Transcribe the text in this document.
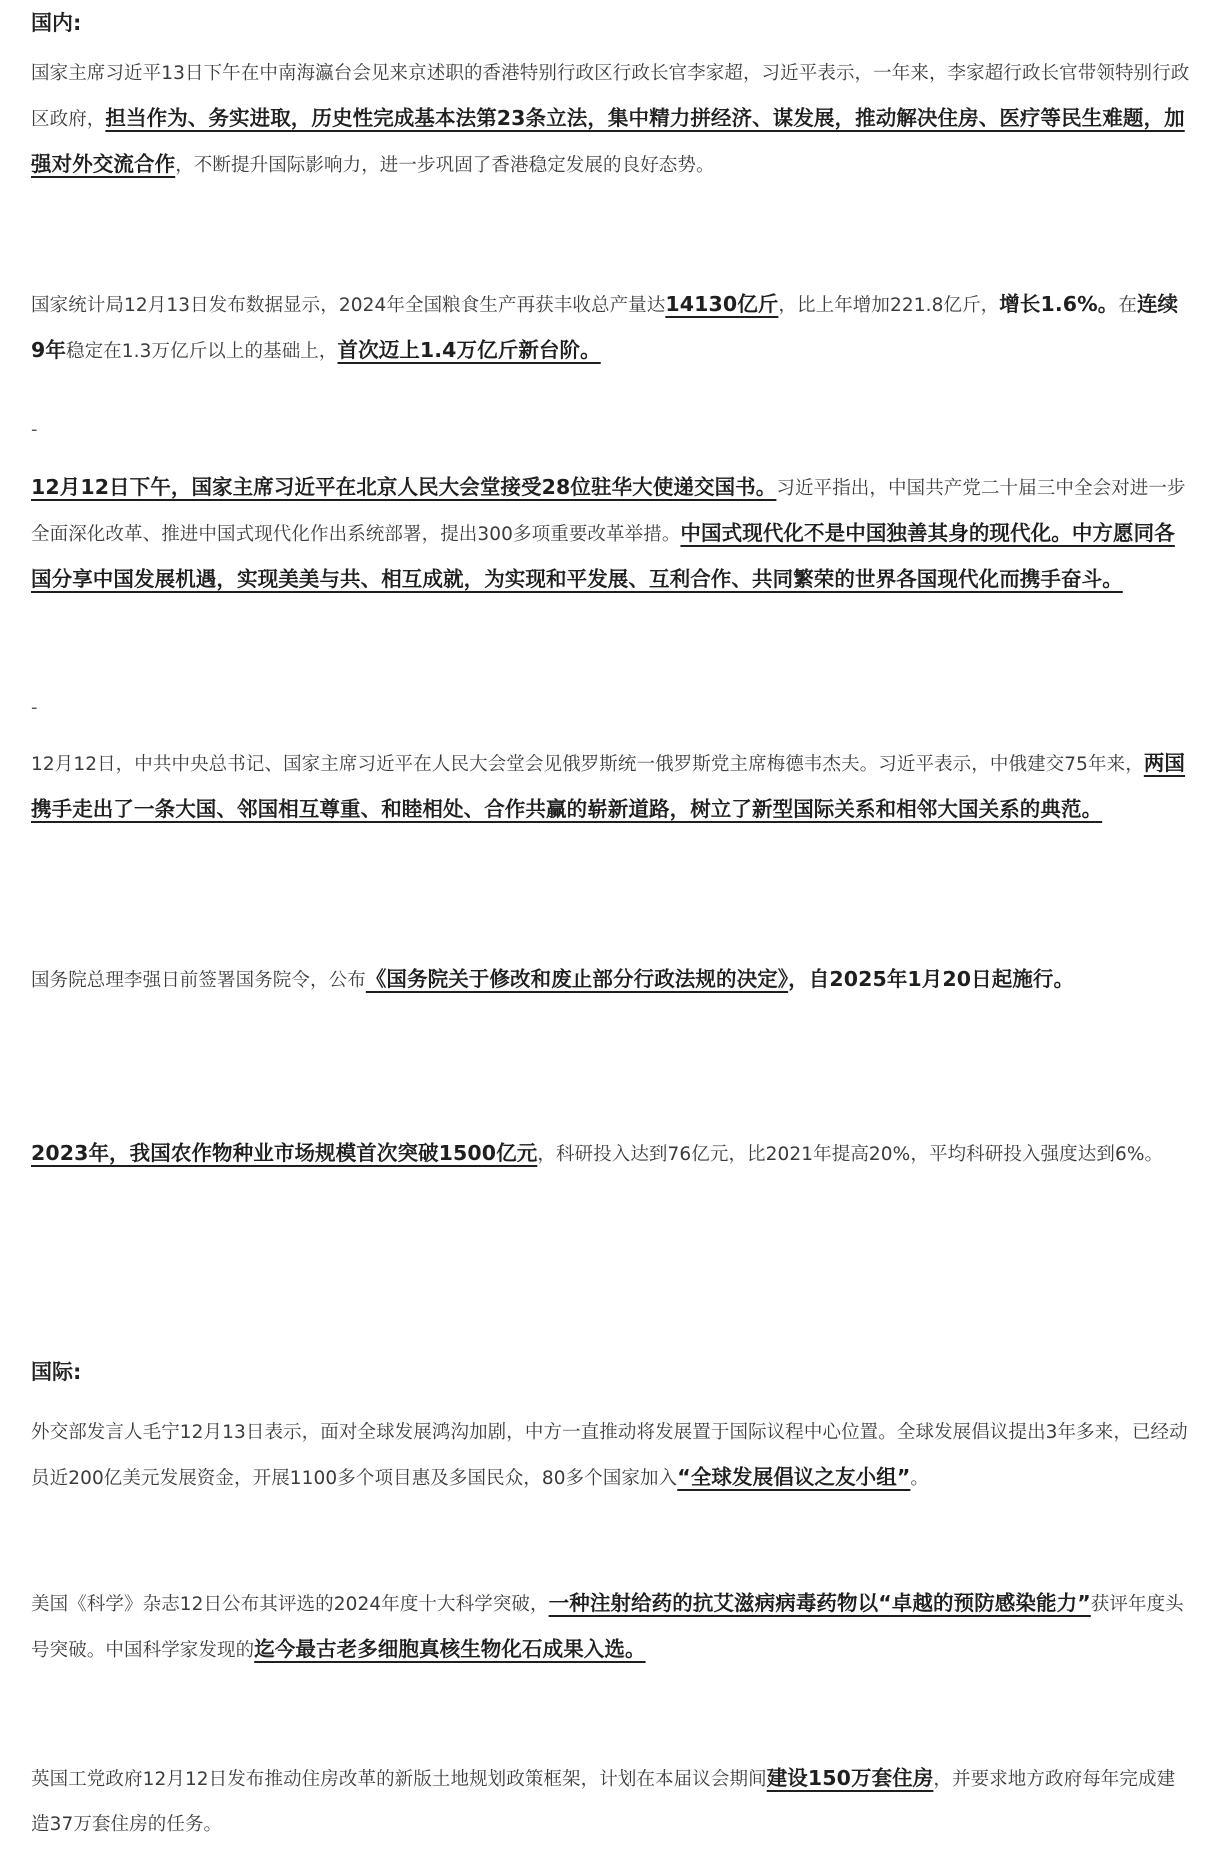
国内:

国家主席习近平13日下午在中南海瀛台会见来京述职的香港特别行政区行政长官李家超，习近平表示，一年来，李家超行政长官带领特别行政区政府，担当作为、务实进取，历史性完成基本法第23条立法，集中精力拼经济、谋发展，推动解决住房、医疗等民生难题，加强对外交流合作，不断提升国际影响力，进一步巩固了香港稳定发展的良好态势。

国家统计局12月13日发布数据显示，2024年全国粮食生产再获丰收总产量达14130亿斤，比上年增加221.8亿斤，增长1.6%。在连续9年稳定在1.3万亿斤以上的基础上，首次迈上1.4万亿斤新台阶。

-

12月12日下午，国家主席习近平在北京人民大会堂接受28位驻华大使递交国书。习近平指出，中国共产党二十届三中全会对进一步全面深化改革、推进中国式现代化作出系统部署，提出300多项重要改革举措。中国式现代化不是中国独善其身的现代化。中方愿同各国分享中国发展机遇，实现美美与共、相互成就，为实现和平发展、互利合作、共同繁荣的世界各国现代化而携手奋斗。

-

12月12日，中共中央总书记、国家主席习近平在人民大会堂会见俄罗斯统一俄罗斯党主席梅德韦杰夫。习近平表示，中俄建交75年来，两国携手走出了一条大国、邻国相互尊重、和睦相处、合作共赢的崭新道路，树立了新型国际关系和相邻大国关系的典范。

国务院总理李强日前签署国务院令，公布《国务院关于修改和废止部分行政法规的决定》，自2025年1月20日起施行。

2023年，我国农作物种业市场规模首次突破1500亿元，科研投入达到76亿元，比2021年提高20%，平均科研投入强度达到6%。

国际:

外交部发言人毛宁12月13日表示，面对全球发展鸿沟加剧，中方一直推动将发展置于国际议程中心位置。全球发展倡议提出3年多来，已经动员近200亿美元发展资金，开展1100多个项目惠及多国民众，80多个国家加入“全球发展倡议之友小组”。

美国《科学》杂志12日公布其评选的2024年度十大科学突破，一种注射给药的抗艾滋病病毒药物以“卓越的预防感染能力”获评年度头号突破。中国科学家发现的迄今最古老多细胞真核生物化石成果入选。

英国工党政府12月12日发布推动住房改革的新版土地规划政策框架，计划在本届议会期间建设150万套住房，并要求地方政府每年完成建造37万套住房的任务。
